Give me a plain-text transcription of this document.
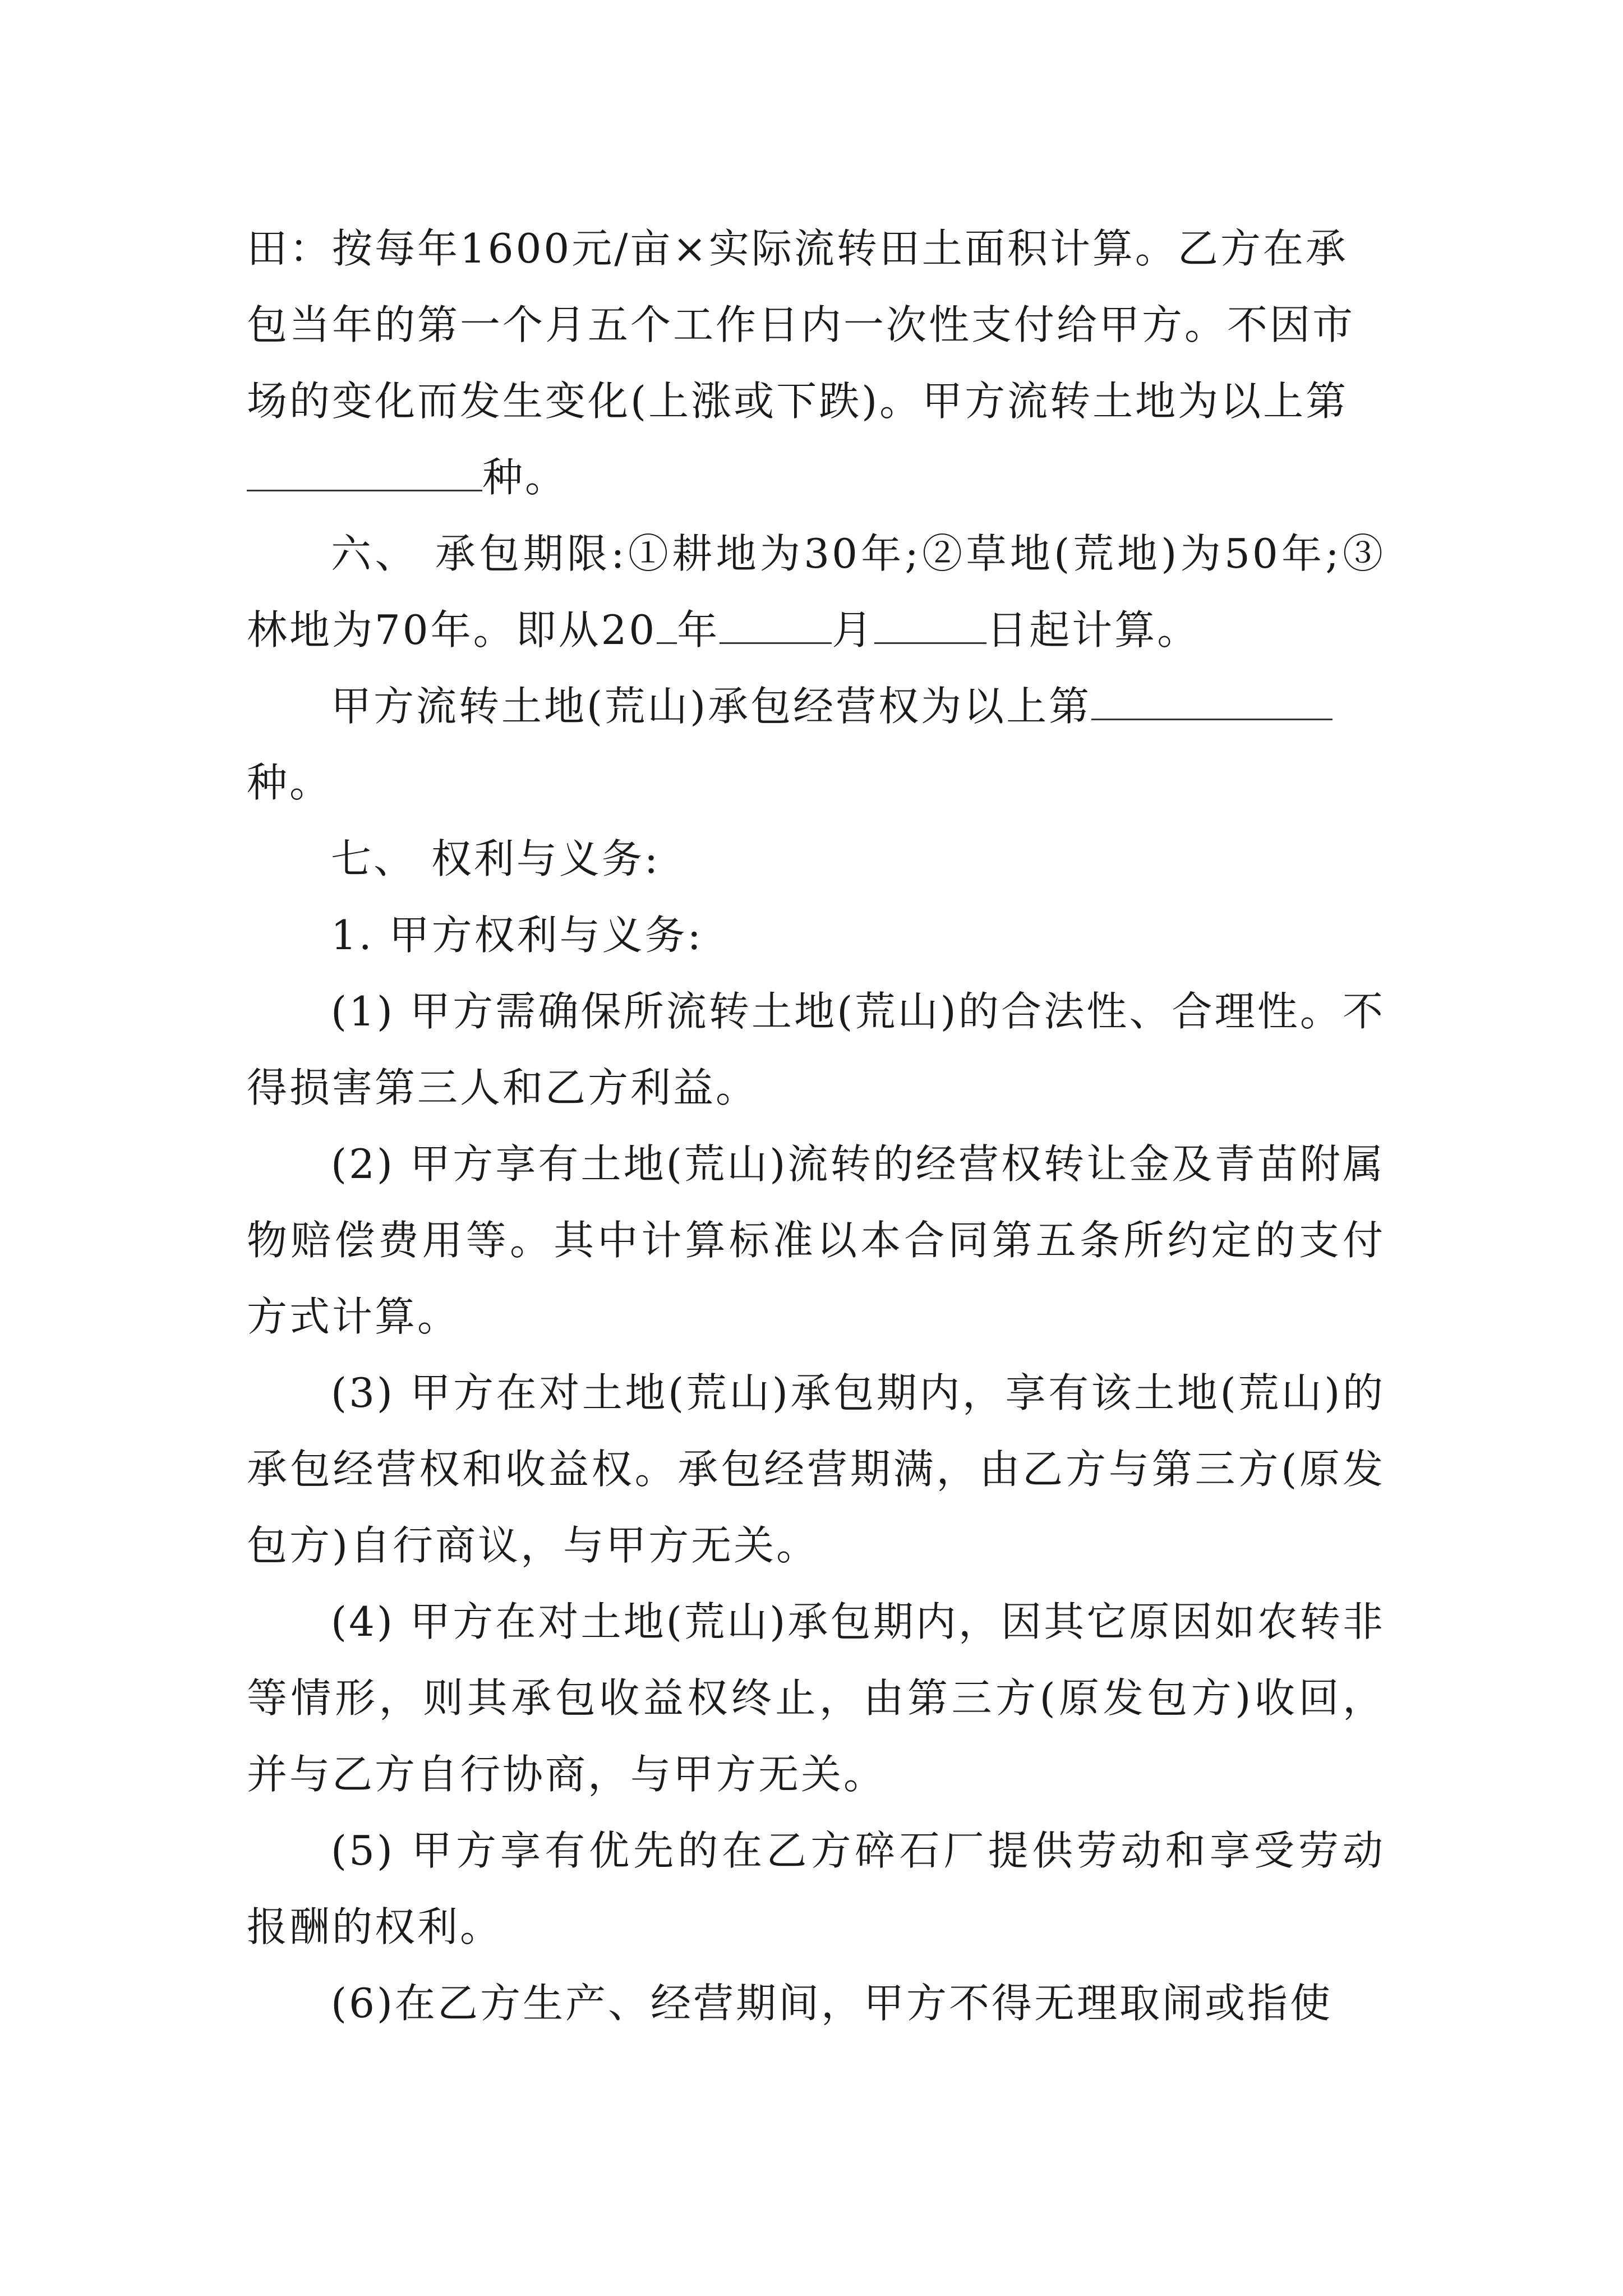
田：按每年1600元/亩×实际流转田土面积计算。乙方在承

包当年的第一个月五个工作日内一次性支付给甲方。不因市

场的变化而发生变化(上涨或下跌)。甲方流转土地为以上第

种。

六、 承包期限:①耕地为30年;②草地(荒地)为50年;③林地为70年。即从20 年	月	日起计算。

甲方流转土地(荒山)承包经营权为以上第
种。

七、 权利与义务:

1. 甲方权利与义务:

(1) 甲方需确保所流转土地(荒山)的合法性、合理性。不得损害第三人和乙方利益。

(2) 甲方享有土地(荒山)流转的经营权转让金及青苗附属物赔偿费用等。其中计算标准以本合同第五条所约定的支付方式计算。

(3) 甲方在对土地(荒山)承包期内，享有该土地(荒山)的承包经营权和收益权。承包经营期满，由乙方与第三方(原发包方)自行商议，与甲方无关。

(4) 甲方在对土地(荒山)承包期内，因其它原因如农转非等情形，则其承包收益权终止，由第三方(原发包方)收回，并与乙方自行协商，与甲方无关。

(5) 甲方享有优先的在乙方碎石厂提供劳动和享受劳动报酬的权利。

(6)在乙方生产、经营期间，甲方不得无理取闹或指使
